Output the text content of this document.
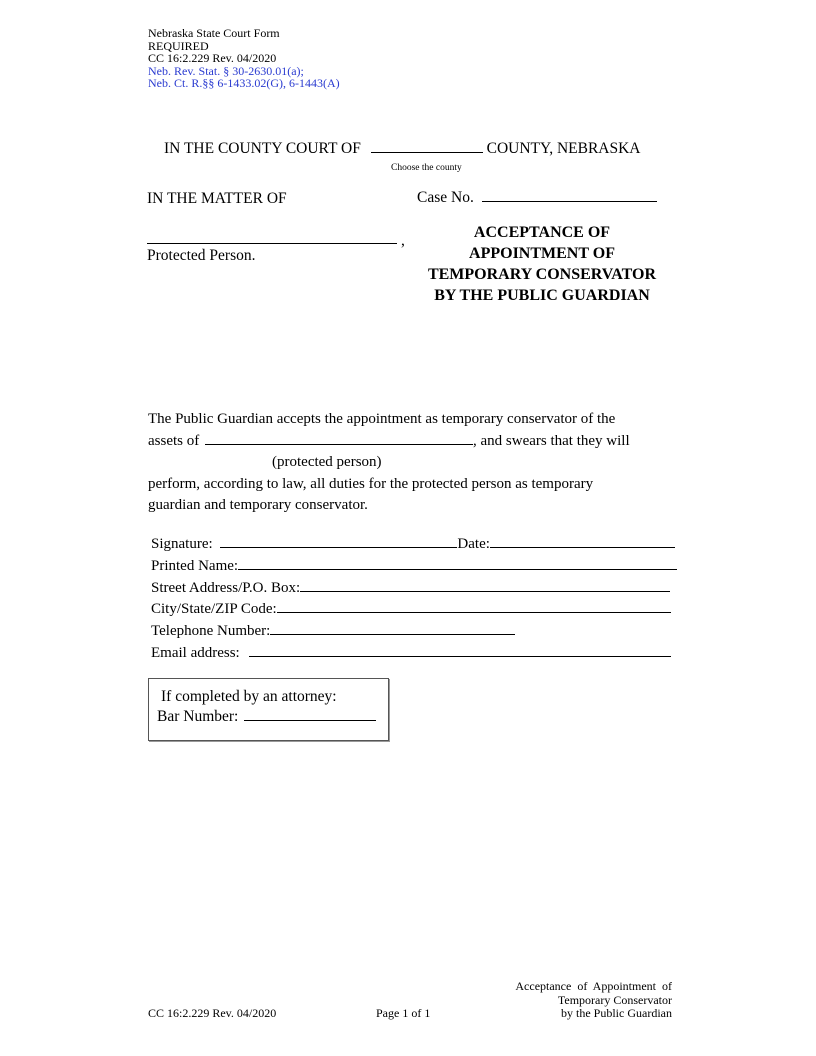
Nebraska State Court Form
REQUIRED
CC 16:2.229 Rev. 04/2020
Neb. Rev. Stat. § 30-2630.01(a);
Neb. Ct. R.§§ 6-1433.02(G), 6-1443(A)
IN THE COUNTY COURT OF	COUNTY, NEBRASKA
Choose the county
IN THE MATTER OF
,
Protected Person.
Case No.
ACCEPTANCE OF
APPOINTMENT OF
TEMPORARY CONSERVATOR
BY THE PUBLIC GUARDIAN
The Public Guardian accepts the appointment as temporary conservator of the
assets of	, and swears that they will
(protected person)
perform, according to law, all duties for the protected person as temporary
guardian and temporary conservator.
Signature:	Date:
Printed Name:
Street Address/P.O. Box:
City/State/ZIP Code:
Telephone Number:
Email address:
If completed by an attorney:
Bar Number:
CC 16:2.229 Rev. 04/2020	Page 1 of 1
Acceptance  of  Appointment  of
Temporary Conservator
by the Public Guardian
